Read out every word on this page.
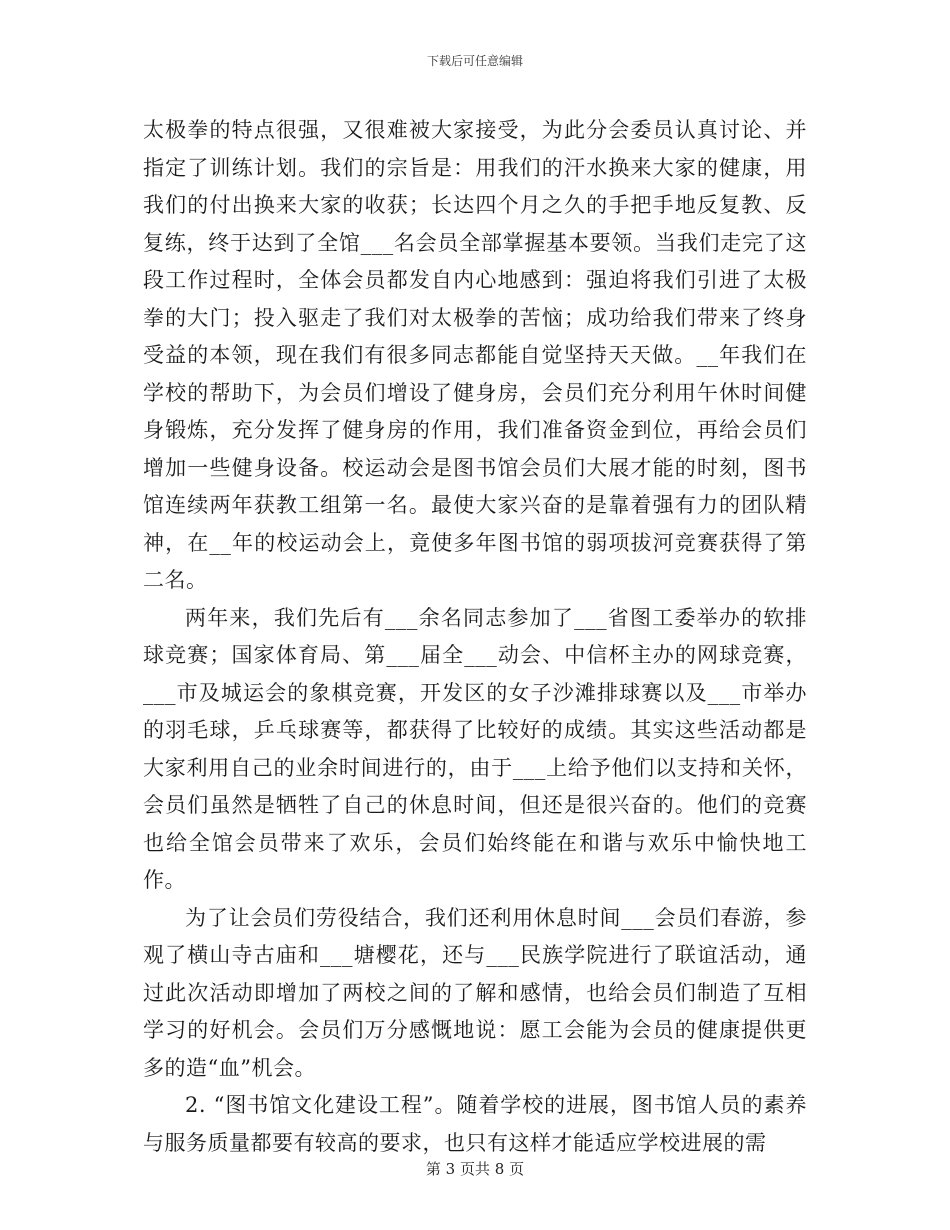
下载后可任意编辑

太极拳的特点很强，又很难被大家接受，为此分会委员认真讨论、并指定了训练计划。我们的宗旨是：用我们的汗水换来大家的健康，用我们的付出换来大家的收获；长达四个月之久的手把手地反复教、反复练，终于达到了全馆___名会员全部掌握基本要领。当我们走完了这段工作过程时，全体会员都发自内心地感到：强迫将我们引进了太极拳的大门；投入驱走了我们对太极拳的苦恼；成功给我们带来了终身受益的本领，现在我们有很多同志都能自觉坚持天天做。__年我们在学校的帮助下，为会员们增设了健身房，会员们充分利用午休时间健身锻炼，充分发挥了健身房的作用，我们准备资金到位，再给会员们增加一些健身设备。校运动会是图书馆会员们大展才能的时刻，图书馆连续两年获教工组第一名。最使大家兴奋的是靠着强有力的团队精神，在__年的校运动会上，竟使多年图书馆的弱项拔河竞赛获得了第二名。

两年来，我们先后有___余名同志参加了___省图工委举办的软排球竞赛；国家体育局、第___届全___动会、中信杯主办的网球竞赛，___市及城运会的象棋竞赛，开发区的女子沙滩排球赛以及___市举办的羽毛球，乒乓球赛等，都获得了比较好的成绩。其实这些活动都是大家利用自己的业余时间进行的，由于___上给予他们以支持和关怀，会员们虽然是牺牲了自己的休息时间，但还是很兴奋的。他们的竞赛也给全馆会员带来了欢乐，会员们始终能在和谐与欢乐中愉快地工作。

为了让会员们劳役结合，我们还利用休息时间___会员们春游，参观了横山寺古庙和___塘樱花，还与___民族学院进行了联谊活动，通过此次活动即增加了两校之间的了解和感情，也给会员们制造了互相学习的好机会。会员们万分感慨地说：愿工会能为会员的健康提供更多的造“血”机会。

2. “图书馆文化建设工程”。随着学校的进展，图书馆人员的素养与服务质量都要有较高的要求，也只有这样才能适应学校进展的需

第 3 页共 8 页
